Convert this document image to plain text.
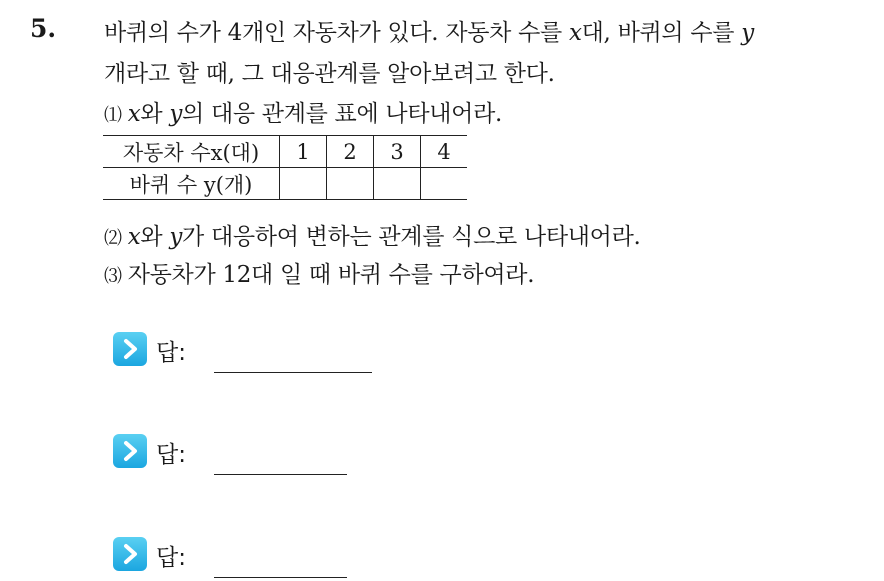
5. 바퀴의 수가 4개인 자동차가 있다. 자동차 수를 x대, 바퀴의 수를 y
개라고 할 때, 그 대응관계를 알아보려고 한다.
⑴ x와 y의 대응 관계를 표에 나타내어라.
자동차 수x(대)	1	2	3	4
바퀴 수 y(개)				
⑵ x와 y가 대응하여 변하는 관계를 식으로 나타내어라.
⑶ 자동차가 12대 일 때 바퀴 수를 구하여라.
답:
답:
답:
